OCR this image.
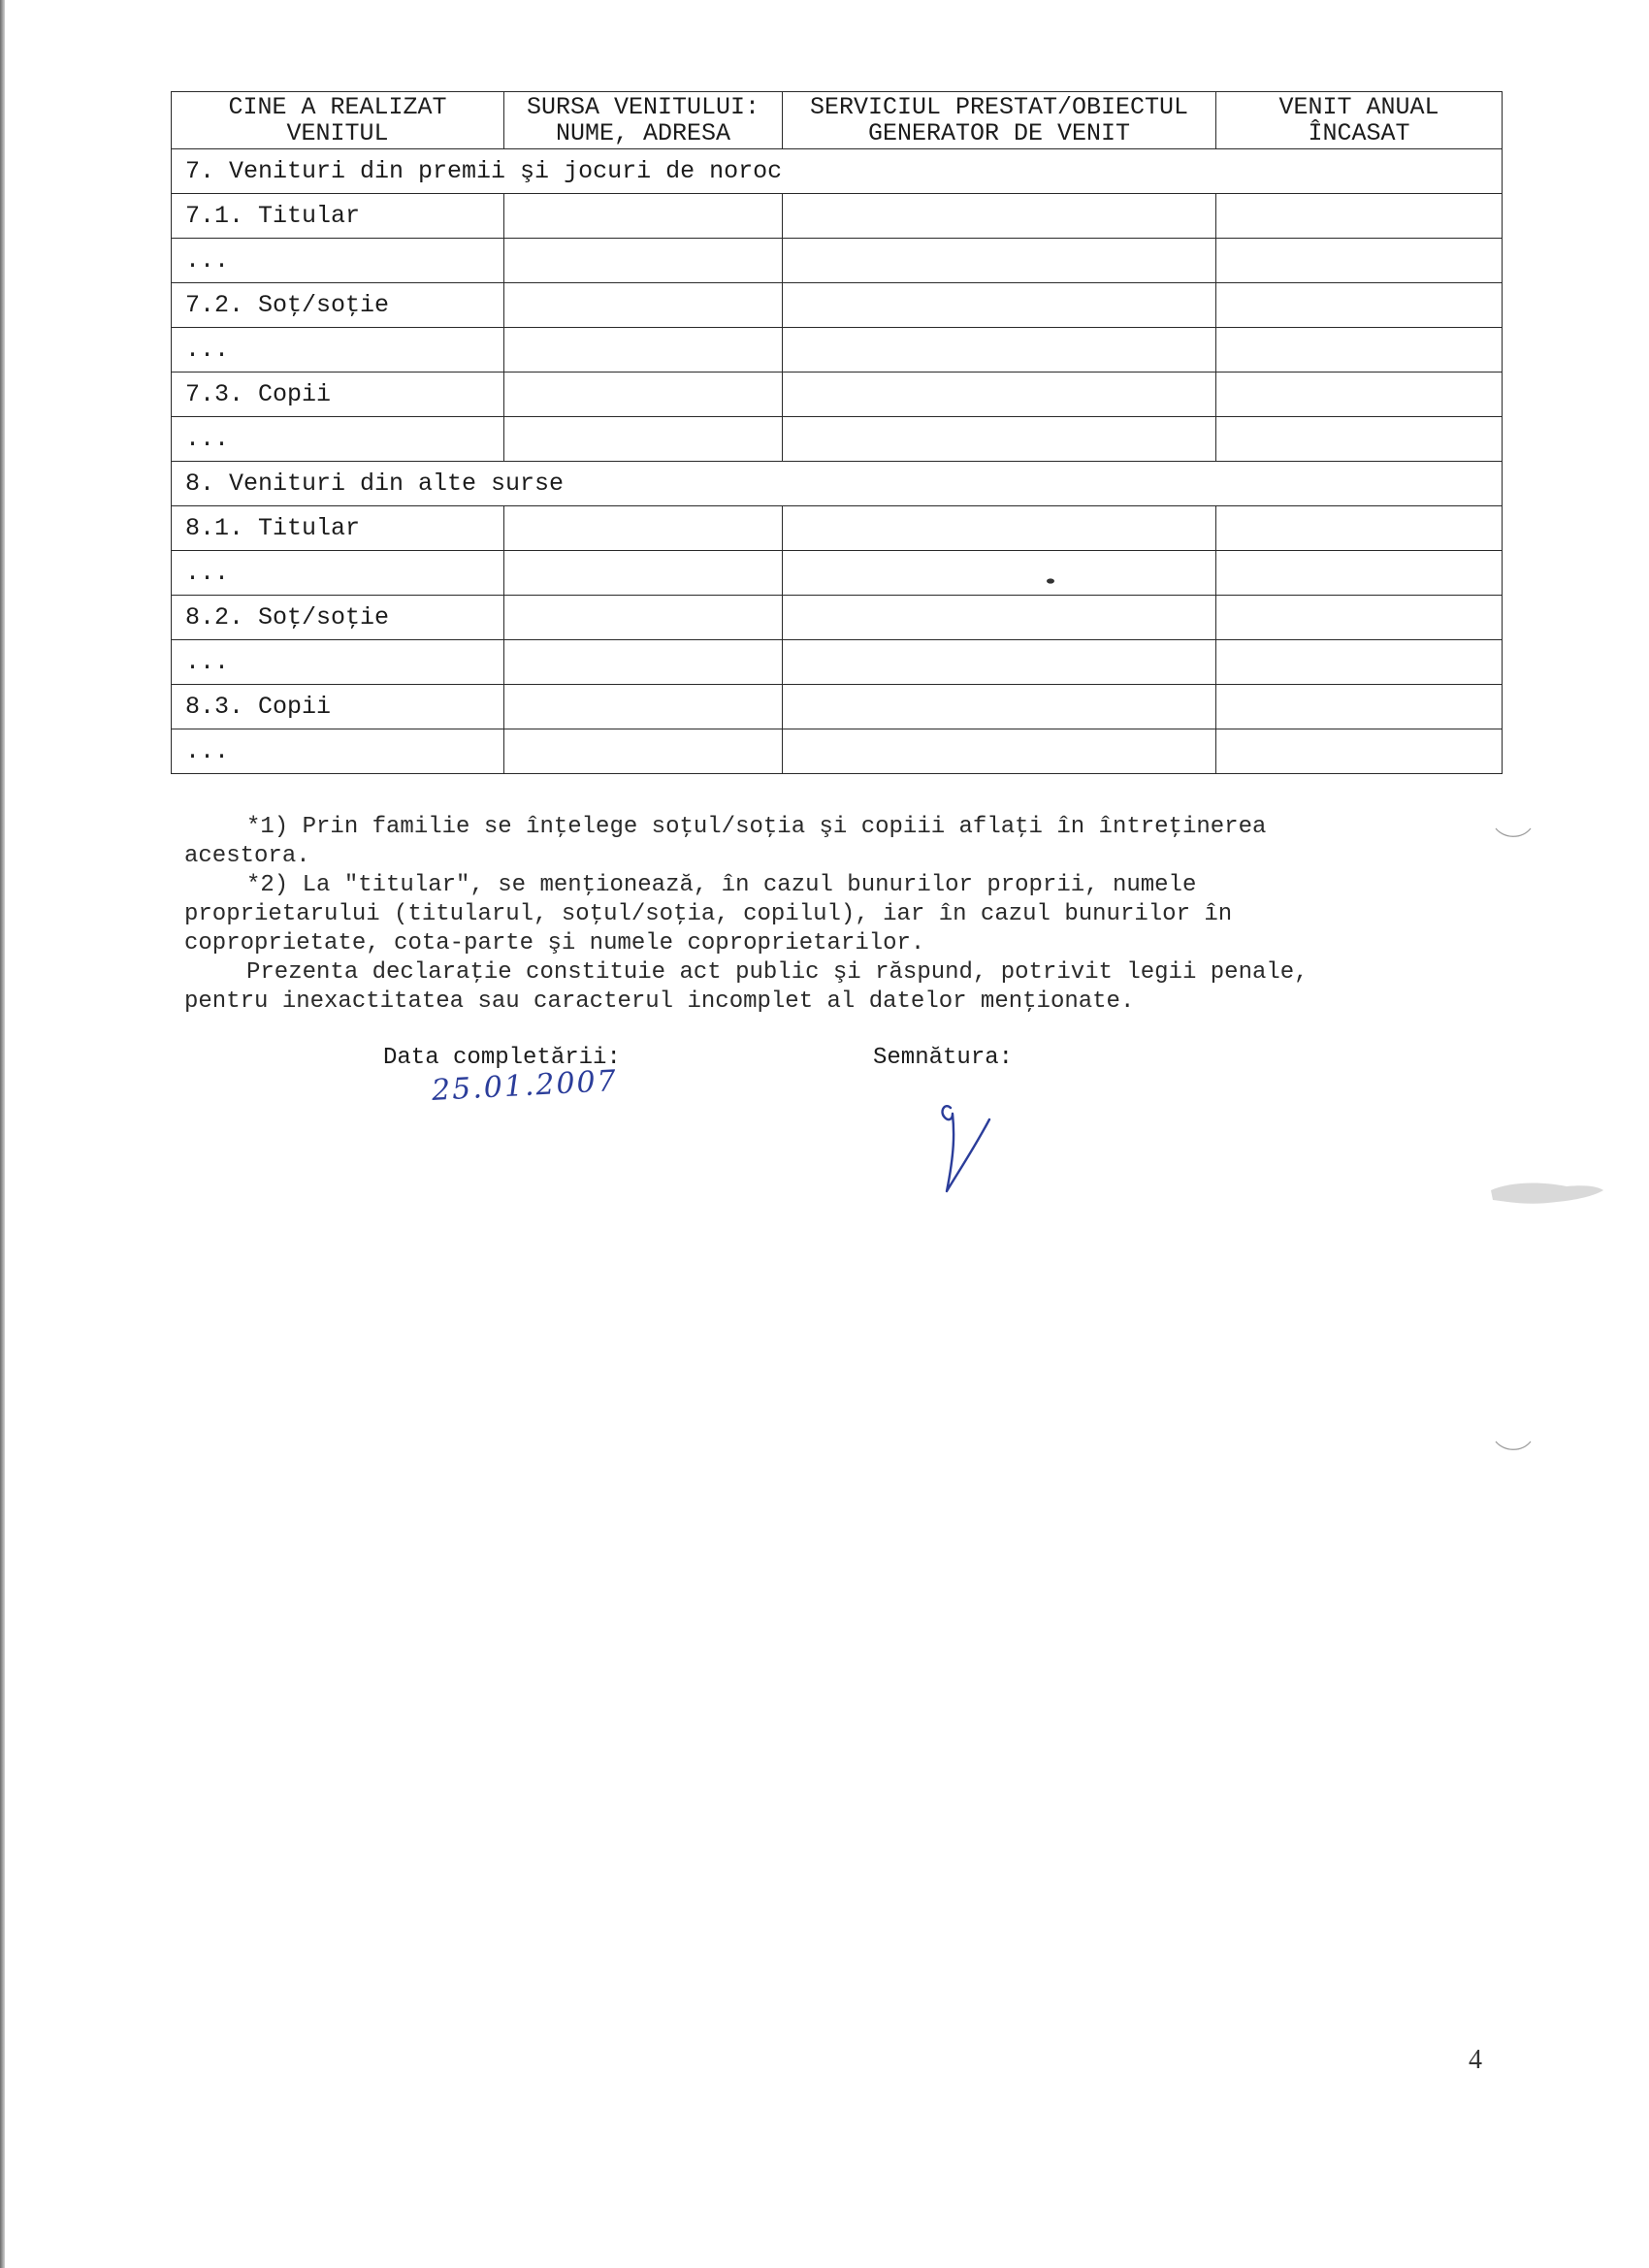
CINE A REALIZAT VENITUL	SURSA VENITULUI: NUME, ADRESA	SERVICIUL PRESTAT/OBIECTUL GENERATOR DE VENIT	VENIT ANUAL ÎNCASAT
7. Venituri din premii şi jocuri de noroc			
7.1. Titular			
...			
7.2. Soţ/soţie			
...			
7.3. Copii			
...			
8. Venituri din alte surse			
8.1. Titular			
...			
8.2. Soţ/soţie			
...			
8.3. Copii			
...			

*1) Prin familie se înţelege soţul/soţia şi copiii aflaţi în întreţinerea

acestora.

*2) La "titular", se menţionează, în cazul bunurilor proprii, numele

proprietarului (titularul, soţul/soţia, copilul), iar în cazul bunurilor în

coproprietate, cota-parte şi numele coproprietarilor.

Prezenta declaraţie constituie act public şi răspund, potrivit legii penale,

pentru inexactitatea sau caracterul incomplet al datelor menţionate.

Data completării:
25.01.2007
Semnătura:
4
